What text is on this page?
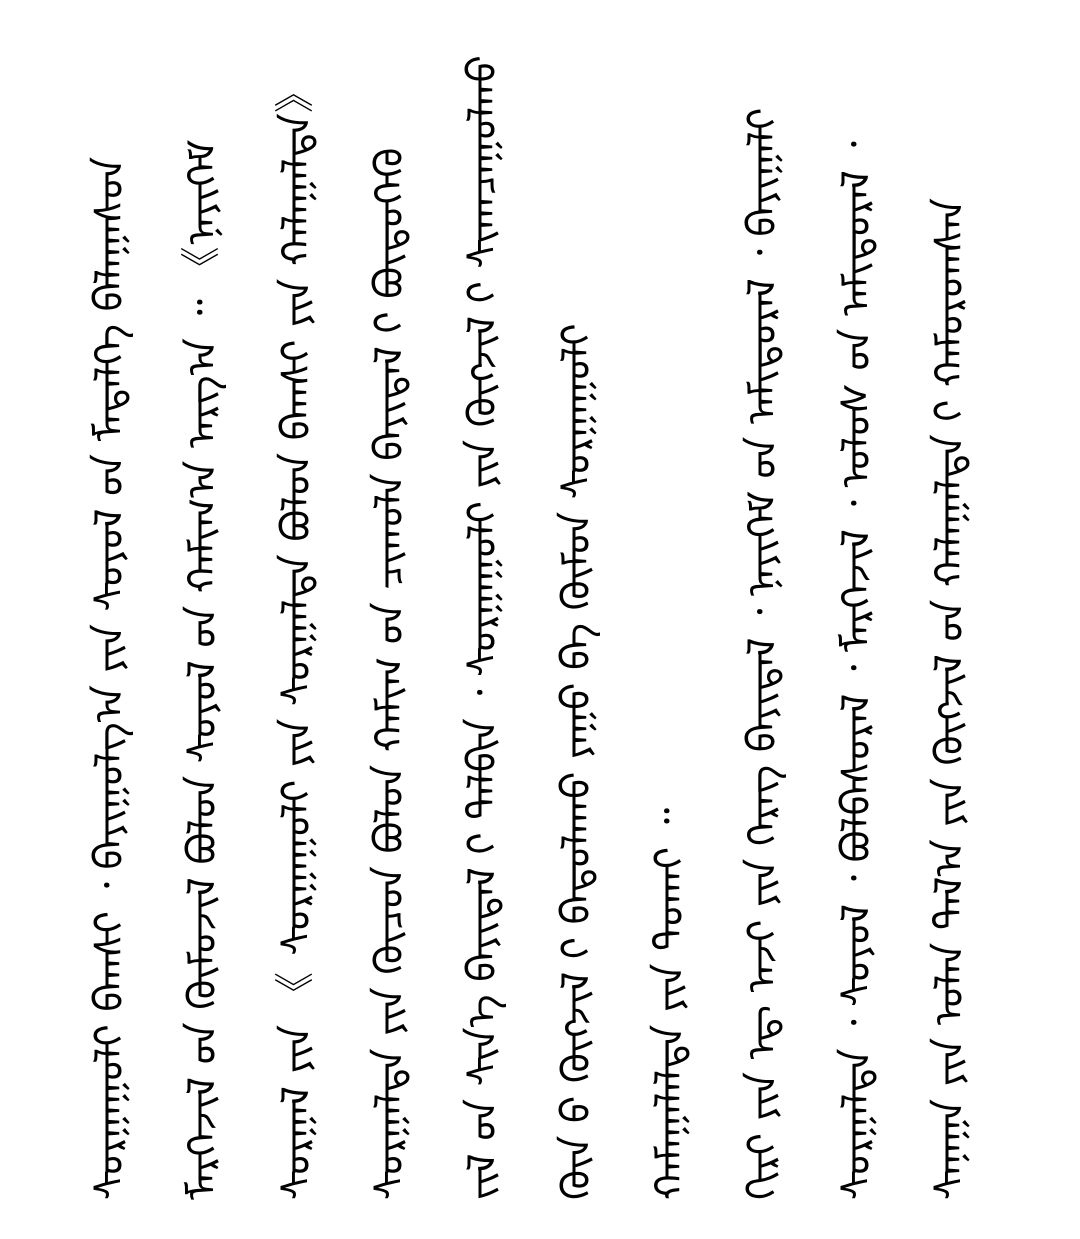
ᠰᠠᠨᠠᠭᠠ ᠶᠢᠨ ᠣᠯᠠᠨ ᠲᠠᠯ᠎ᠠ ᠶᠢᠨ ᠬᠥᠭᠵᠢᠯ ᠤ᠋ᠨ ᠬᠠᠯᠠᠭᠠᠯᠲᠠ ᠢ᠋ ᠬᠠᠮᠤᠷᠤᠭᠰᠠᠨ
ᠰᠤᠷᠭᠠᠯᠲᠠ ᠂ ᠰᠣᠶᠣᠯ ᠂ ᠪᠣᠯᠪᠠᠰᠤᠷᠠᠯ ᠂ ᠮᠡᠷᠭᠡᠵᠢᠯ ᠂ ᠤᠯᠤᠰ ᠤ᠋ᠨ ᠠᠮᠢᠳᠤᠷᠠᠯ ᠂
ᠬᠢᠷᠢ ᠶᠢᠨ ᠡᠳ᠋ ᠠᠵᠢ ᠶᠢᠨ ᠬᠡᠷᠡᠭ ᠪᠠᠶᠢᠳᠠᠯ ᠂ ᠨᠡᠶᠢᠭᠡᠮ ᠦ᠋ᠨ ᠠᠮᠢᠳᠤᠷᠠᠯ ᠂ ᠪᠠᠶᠢᠭᠠᠯᠢ
ᠬᠠᠮᠠᠭᠠᠯᠠᠯᠲᠠ ᠶᠢᠨ ᠲᠤᠬᠠᠢ ᠃
ᠬᠥᠨ ᠤ᠋ ᠬᠥᠭᠵᠢᠯ ᠢ᠋ ᠪᠠᠲᠤᠯᠠᠬᠤ ᠶᠠᠭᠤ ᠪᠡ ᠬᠦᠮᠦᠨ ᠰᠤᠷᠭᠠᠭᠤᠯᠢ
ᠵᠢᠯ ᠤ᠋ᠨ ᠰᠢᠨ᠎ᠡ ᠪᠠᠶᠢᠳᠠᠯ ᠢ᠋ ᠲᠠᠯᠪᠢᠨ ᠂ ᠰᠤᠷᠭᠠᠭᠤᠯᠢ ᠶᠢᠨ ᠬᠥᠭᠵᠢᠯ ᠢ᠋ ᠰᠢᠬᠠᠴᠠᠭᠤᠯᠬᠤ
ᠰᠤᠷᠭᠠᠯᠲᠠ ᠶᠢᠨ ᠬᠦᠴᠦᠨ ᠪᠣᠯᠤᠨ ᠬᠠᠮᠢᠭ ᠤ᠋ᠨ ᠴᠢᠬᠤᠯᠠ ᠪᠠᠶᠢᠳᠠᠯ ᠢ᠋ ᠪᠦᠲᠦᠭᠡᠬᠦ
ᠰᠤᠷᠭᠠᠯ ᠶᠢᠨ 《 ᠰᠤᠷᠭᠠᠭᠤᠯᠢ ᠶᠢᠨ ᠰᠤᠷᠭᠠᠯᠲᠠ ᠪᠣᠯᠤᠨ ᠪᠠᠭᠰᠢ ᠶᠢᠨ ᠬᠠᠯᠠᠭᠠᠯᠲᠠ》
ᠮᠡᠷᠭᠡᠵᠢᠯ ᠦ᠋ᠨ ᠬᠦᠮᠦᠵᠢᠯ ᠪᠣᠯᠤᠨ ᠰᠣᠶᠣᠯ ᠤ᠋ᠨ ᠬᠠᠮᠢᠭ᠎ᠠ ᠠᠷᠭ᠎ᠠ ᠃ 《ᠨᠡᠶᠢᠭᠡᠮ
ᠰᠤᠷᠭᠠᠭᠤᠯᠢ ᠪᠠᠭᠰᠢ ᠂ ᠪᠠᠶᠢᠭᠤᠯᠭ᠎ᠠ ᠶᠢᠨ ᠰᠣᠶᠣᠯ ᠤ᠋ᠨ ᠮᠡᠳᠡᠯᠭᠡ ᠪᠠᠯᠠᠭᠠᠰᠤᠨ
